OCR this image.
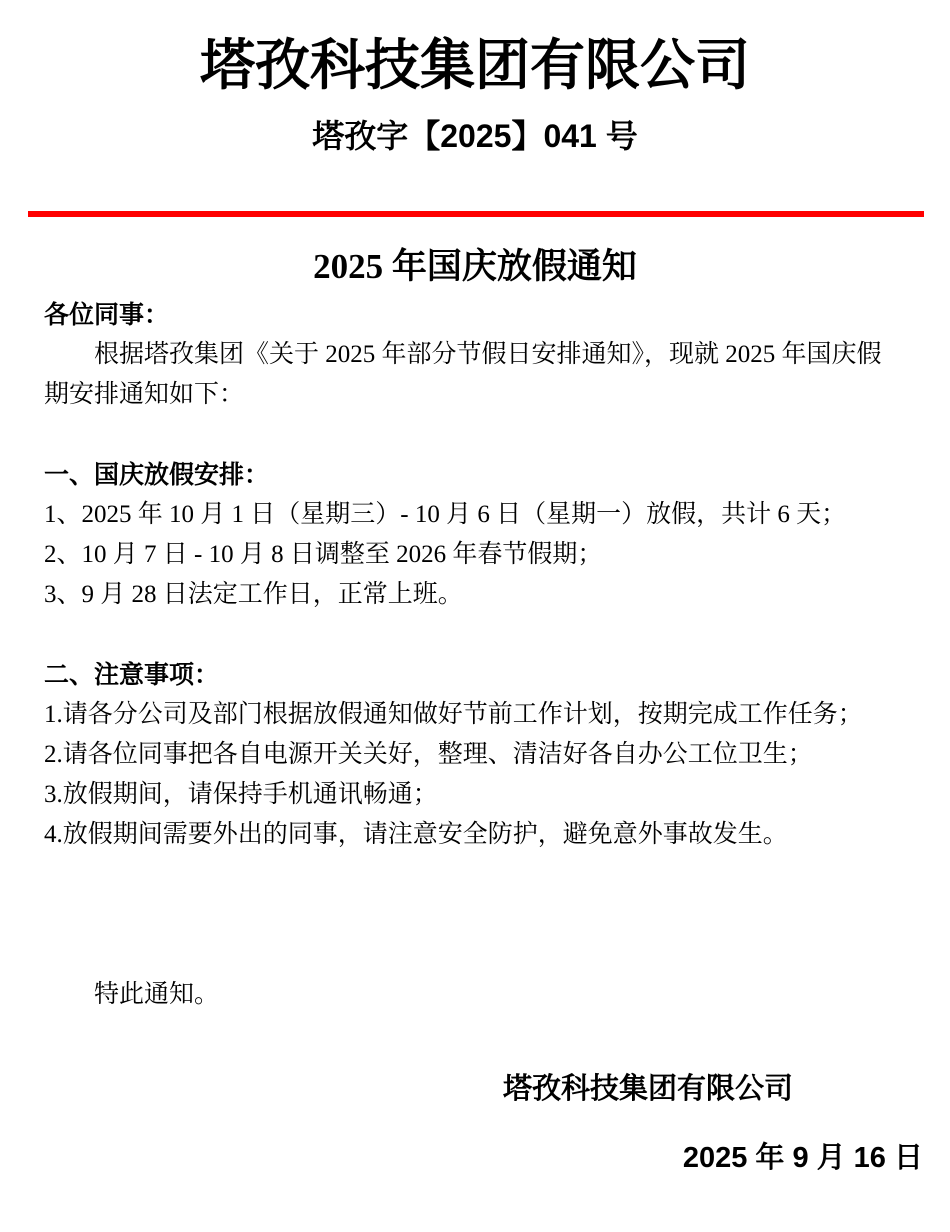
塔孜科技集团有限公司
塔孜字【2025】041 号
2025 年国庆放假通知
各位同事：
根据塔孜集团《关于 2025 年部分节假日安排通知》，现就 2025 年国庆假期安排通知如下：
一、国庆放假安排：
1、2025 年 10 月 1 日（星期三）- 10 月 6 日（星期一）放假，共计 6 天；
2、10 月 7 日 - 10 月 8 日调整至 2026 年春节假期；
3、9 月 28 日法定工作日，正常上班。
二、注意事项：
1.请各分公司及部门根据放假通知做好节前工作计划，按期完成工作任务；
2.请各位同事把各自电源开关关好，整理、清洁好各自办公工位卫生；
3.放假期间，请保持手机通讯畅通；
4.放假期间需要外出的同事，请注意安全防护，避免意外事故发生。
特此通知。
塔孜科技集团有限公司
2025 年 9 月 16 日
